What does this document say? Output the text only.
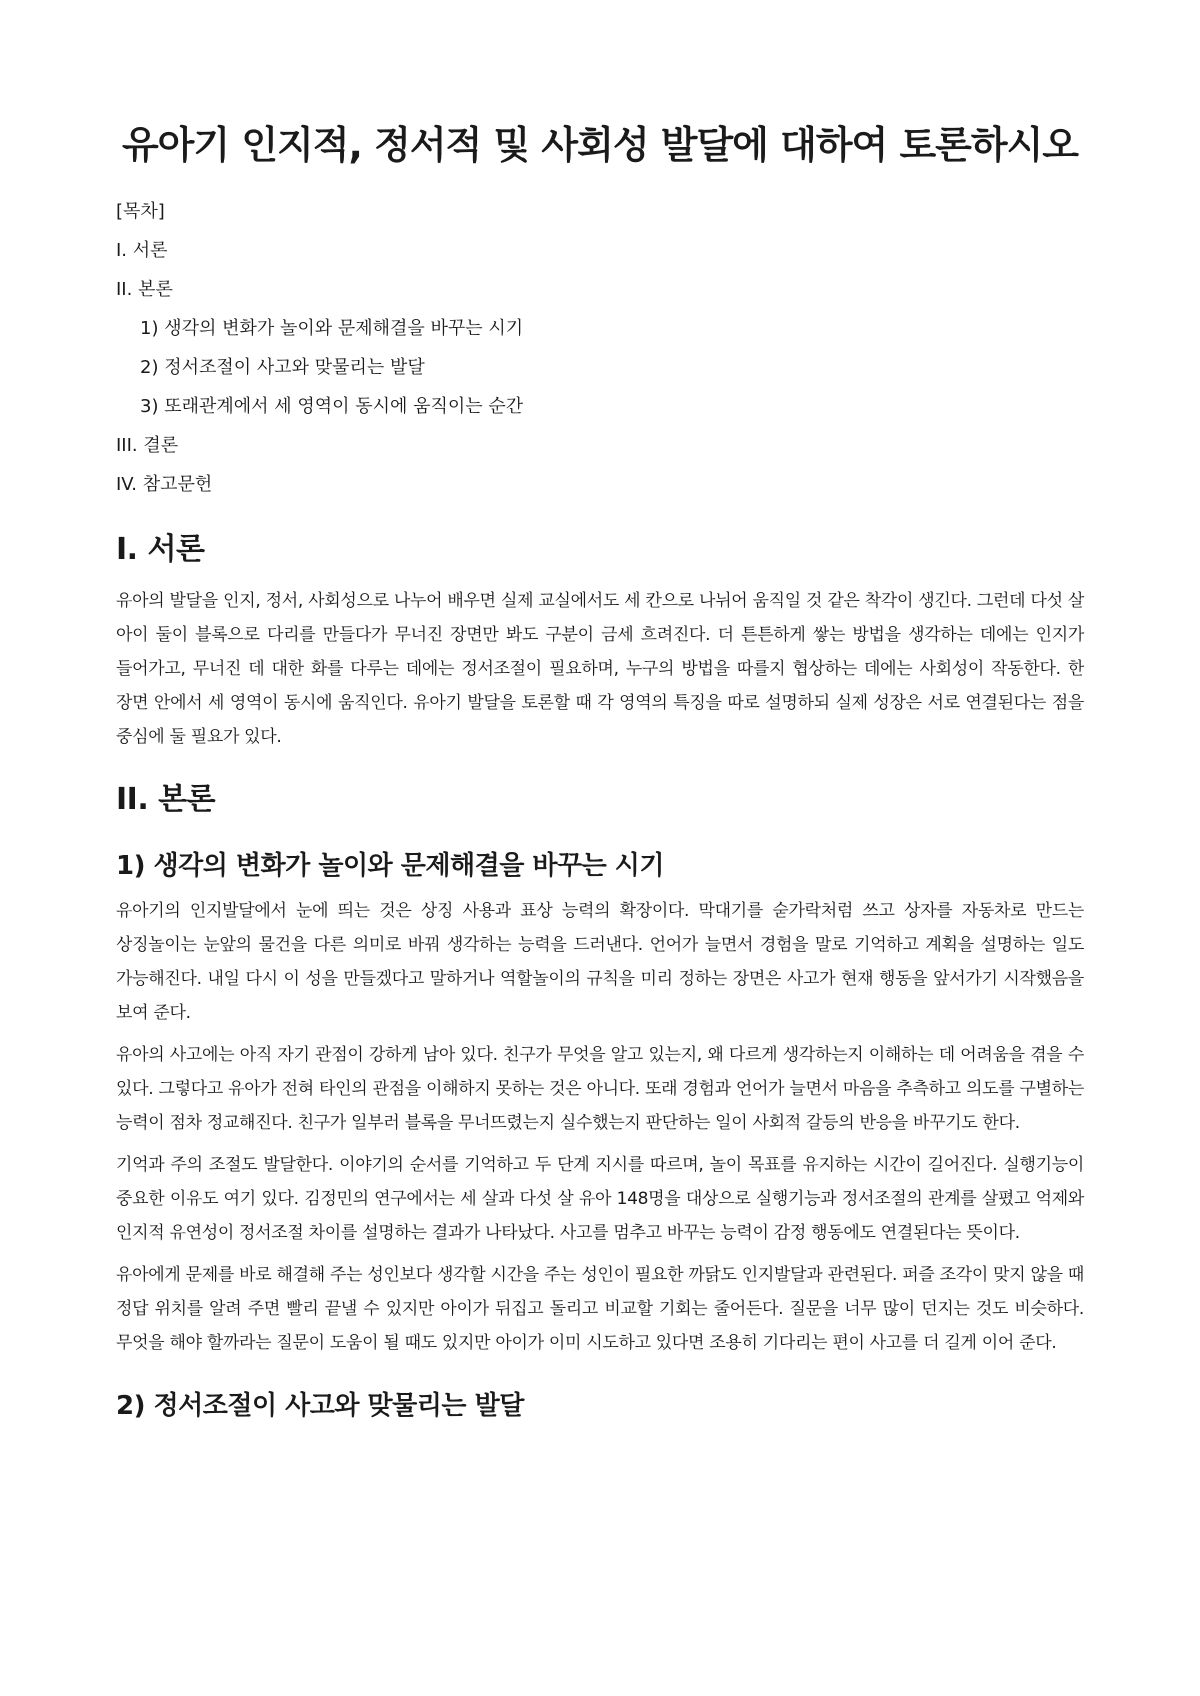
유아기 인지적, 정서적 및 사회성 발달에 대하여 토론하시오
[목차]
I. 서론
II. 본론
1) 생각의 변화가 놀이와 문제해결을 바꾸는 시기
2) 정서조절이 사고와 맞물리는 발달
3) 또래관계에서 세 영역이 동시에 움직이는 순간
III. 결론
IV. 참고문헌
I. 서론

유아의 발달을 인지, 정서, 사회성으로 나누어 배우면 실제 교실에서도 세 칸으로 나뉘어 움직일 것 같은 착각이 생긴다. 그런데 다섯 살 아이 둘이 블록으로 다리를 만들다가 무너진 장면만 봐도 구분이 금세 흐려진다. 더 튼튼하게 쌓는 방법을 생각하는 데에는 인지가 들어가고, 무너진 데 대한 화를 다루는 데에는 정서조절이 필요하며, 누구의 방법을 따를지 협상하는 데에는 사회성이 작동한다. 한 장면 안에서 세 영역이 동시에 움직인다. 유아기 발달을 토론할 때 각 영역의 특징을 따로 설명하되 실제 성장은 서로 연결된다는 점을 중심에 둘 필요가 있다.

II. 본론
1) 생각의 변화가 놀이와 문제해결을 바꾸는 시기

유아기의 인지발달에서 눈에 띄는 것은 상징 사용과 표상 능력의 확장이다. 막대기를 숟가락처럼 쓰고 상자를 자동차로 만드는 상징놀이는 눈앞의 물건을 다른 의미로 바꿔 생각하는 능력을 드러낸다. 언어가 늘면서 경험을 말로 기억하고 계획을 설명하는 일도 가능해진다. 내일 다시 이 성을 만들겠다고 말하거나 역할놀이의 규칙을 미리 정하는 장면은 사고가 현재 행동을 앞서가기 시작했음을 보여 준다.

유아의 사고에는 아직 자기 관점이 강하게 남아 있다. 친구가 무엇을 알고 있는지, 왜 다르게 생각하는지 이해하는 데 어려움을 겪을 수 있다. 그렇다고 유아가 전혀 타인의 관점을 이해하지 못하는 것은 아니다. 또래 경험과 언어가 늘면서 마음을 추측하고 의도를 구별하는 능력이 점차 정교해진다. 친구가 일부러 블록을 무너뜨렸는지 실수했는지 판단하는 일이 사회적 갈등의 반응을 바꾸기도 한다.

기억과 주의 조절도 발달한다. 이야기의 순서를 기억하고 두 단계 지시를 따르며, 놀이 목표를 유지하는 시간이 길어진다. 실행기능이 중요한 이유도 여기 있다. 김정민의 연구에서는 세 살과 다섯 살 유아 148명을 대상으로 실행기능과 정서조절의 관계를 살폈고 억제와 인지적 유연성이 정서조절 차이를 설명하는 결과가 나타났다. 사고를 멈추고 바꾸는 능력이 감정 행동에도 연결된다는 뜻이다.

유아에게 문제를 바로 해결해 주는 성인보다 생각할 시간을 주는 성인이 필요한 까닭도 인지발달과 관련된다. 퍼즐 조각이 맞지 않을 때 정답 위치를 알려 주면 빨리 끝낼 수 있지만 아이가 뒤집고 돌리고 비교할 기회는 줄어든다. 질문을 너무 많이 던지는 것도 비슷하다. 무엇을 해야 할까라는 질문이 도움이 될 때도 있지만 아이가 이미 시도하고 있다면 조용히 기다리는 편이 사고를 더 길게 이어 준다.

2) 정서조절이 사고와 맞물리는 발달
